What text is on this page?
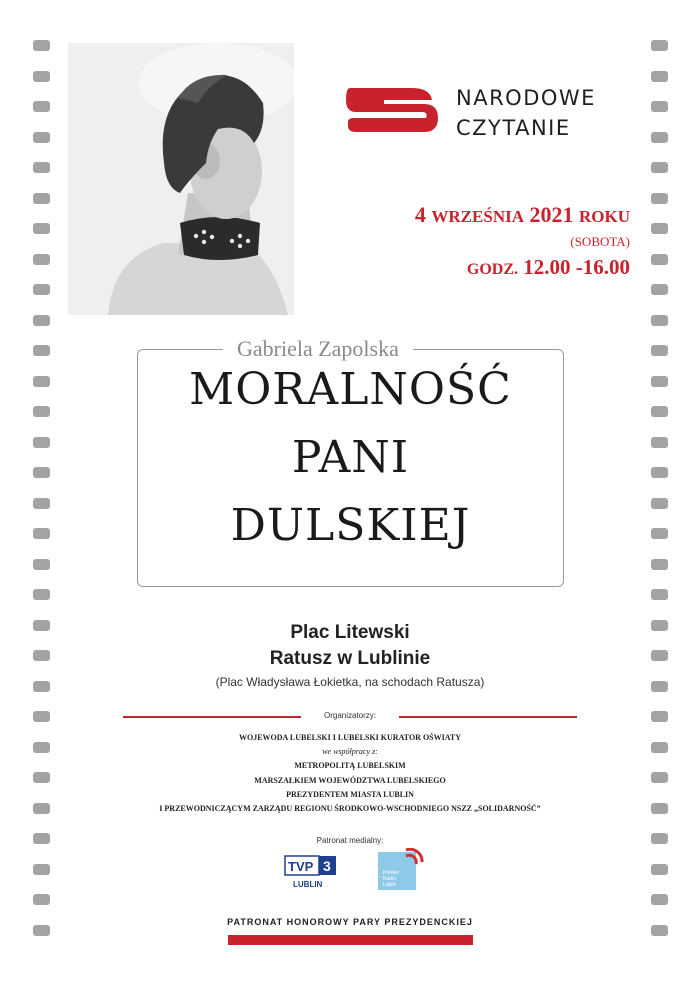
NARODOWE
CZYTANIE
4 WRZEŚNIA 2021 ROKU
(SOBOTA)
GODZ. 12.00 -16.00
MORALNOŚĆ
PANI
DULSKIEJ
Gabriela Zapolska
Plac Litewski
Ratusz w Lublinie
(Plac Władysława Łokietka, na schodach Ratusza)
Organizatorzy:
WOJEWODA LUBELSKI I LUBELSKI KURATOR OŚWIATY
we współpracy z:
METROPOLITĄ LUBELSKIM
MARSZAŁKIEM WOJEWÓDZTWA LUBELSKIEGO
PREZYDENTEM MIASTA LUBLIN
I PRZEWODNICZĄCYM ZARZĄDU REGIONU ŚRODKOWO-WSCHODNIEGO NSZZ „SOLIDARNOŚĆ”
Patronat medialny:
TVP 3
LUBLIN
Polskie
Radio
Lublin
PATRONAT HONOROWY PARY PREZYDENCKIEJ
